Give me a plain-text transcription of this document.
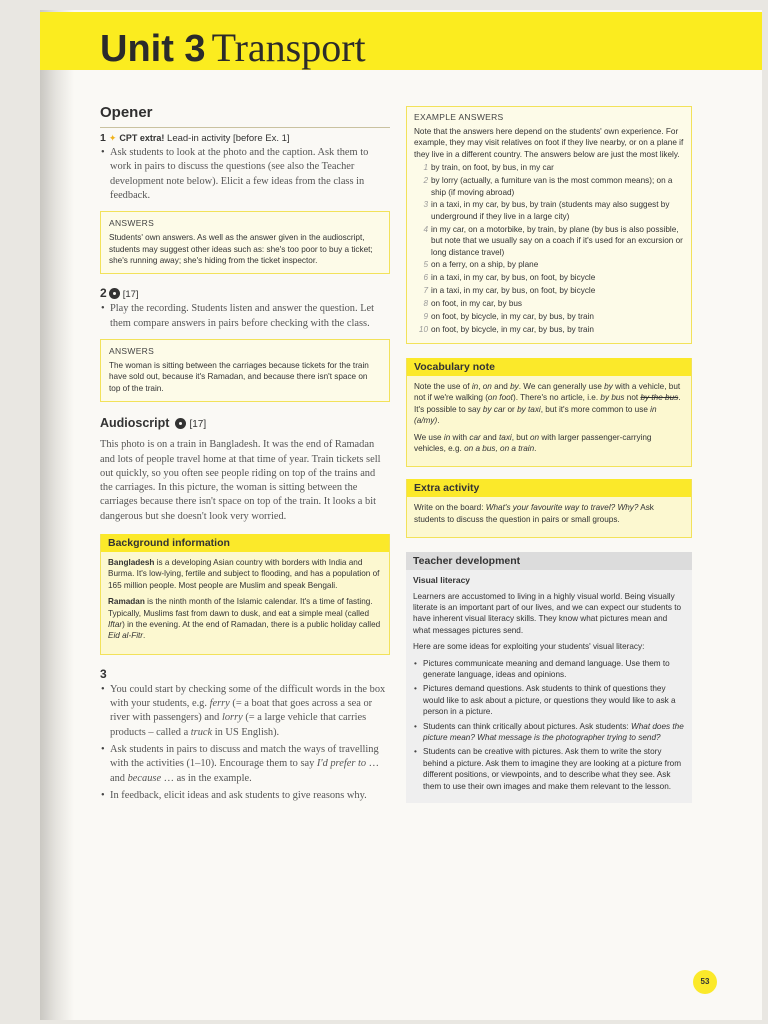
Unit 3 Transport
Opener
1 ✦ CPT extra! Lead-in activity [before Ex. 1]
• Ask students to look at the photo and the caption. Ask them to work in pairs to discuss the questions (see also the Teacher development note below). Elicit a few ideas from the class in feedback.
ANSWERS

Students' own answers. As well as the answer given in the audioscript, students may suggest other ideas such as: she's too poor to buy a ticket; she's running away; she's hiding from the ticket inspector.

2 [17]
• Play the recording. Students listen and answer the question. Let them compare answers in pairs before checking with the class.
ANSWERS

The woman is sitting between the carriages because tickets for the train have sold out, because it's Ramadan, and because there isn't space on top of the train.

Audioscript [17]

This photo is on a train in Bangladesh. It was the end of Ramadan and lots of people travel home at that time of year. Train tickets sell out quickly, so you often see people riding on top of the trains and the carriages. In this picture, the woman is sitting between the carriages because there isn't space on top of the train. It looks a bit dangerous but she doesn't look very worried.

Background information

Bangladesh is a developing Asian country with borders with India and Burma. It's low-lying, fertile and subject to flooding, and has a population of 165 million people. Most people are Muslim and speak Bengali.

Ramadan is the ninth month of the Islamic calendar. It's a time of fasting. Typically, Muslims fast from dawn to dusk, and eat a simple meal (called Iftar) in the evening. At the end of Ramadan, there is a public holiday called Eid al-Fitr.

3
• You could start by checking some of the difficult words in the box with your students, e.g. ferry (= a boat that goes across a sea or river with passengers) and lorry (= a large vehicle that carries products – called a truck in US English).
• Ask students in pairs to discuss and match the ways of travelling with the activities (1–10). Encourage them to say I'd prefer to … and because … as in the example.
• In feedback, elicit ideas and ask students to give reasons why.
EXAMPLE ANSWERS

Note that the answers here depend on the students' own experience. For example, they may visit relatives on foot if they live nearby, or on a plane if they live in a different country. The answers below are just the most likely.

1 by train, on foot, by bus, in my car
2 by lorry (actually, a furniture van is the most common means); on a ship (if moving abroad)
3 in a taxi, in my car, by bus, by train (students may also suggest by underground if they live in a large city)
4 in my car, on a motorbike, by train, by plane (by bus is also possible, but note that we usually say on a coach if it's used for an excursion or long distance travel)
5 on a ferry, on a ship, by plane
6 in a taxi, in my car, by bus, on foot, by bicycle
7 in a taxi, in my car, by bus, on foot, by bicycle
8 on foot, in my car, by bus
9 on foot, by bicycle, in my car, by bus, by train
10 on foot, by bicycle, in my car, by bus, by train
Vocabulary note

Note the use of in, on and by. We can generally use by with a vehicle, but not if we're walking (on foot). There's no article, i.e. by bus not by the bus. It's possible to say by car or by taxi, but it's more common to use in (a/my).

We use in with car and taxi, but on with larger passenger-carrying vehicles, e.g. on a bus, on a train.

Extra activity

Write on the board: What's your favourite way to travel? Why? Ask students to discuss the question in pairs or small groups.

Teacher development
Visual literacy

Learners are accustomed to living in a highly visual world. Being visually literate is an important part of our lives, and we can expect our students to have inherent visual literacy skills. They know what pictures mean and what messages pictures send.

Here are some ideas for exploiting your students' visual literacy:

• Pictures communicate meaning and demand language. Use them to generate language, ideas and opinions.
• Pictures demand questions. Ask students to think of questions they would like to ask about a picture, or questions they would like to ask a person in a picture.
• Students can think critically about pictures. Ask students: What does the picture mean? What message is the photographer trying to send?
• Students can be creative with pictures. Ask them to write the story behind a picture. Ask them to imagine they are looking at a picture from different positions, or viewpoints, and to describe what they see. Ask them to use their own images and make them relevant to the lesson.
53
